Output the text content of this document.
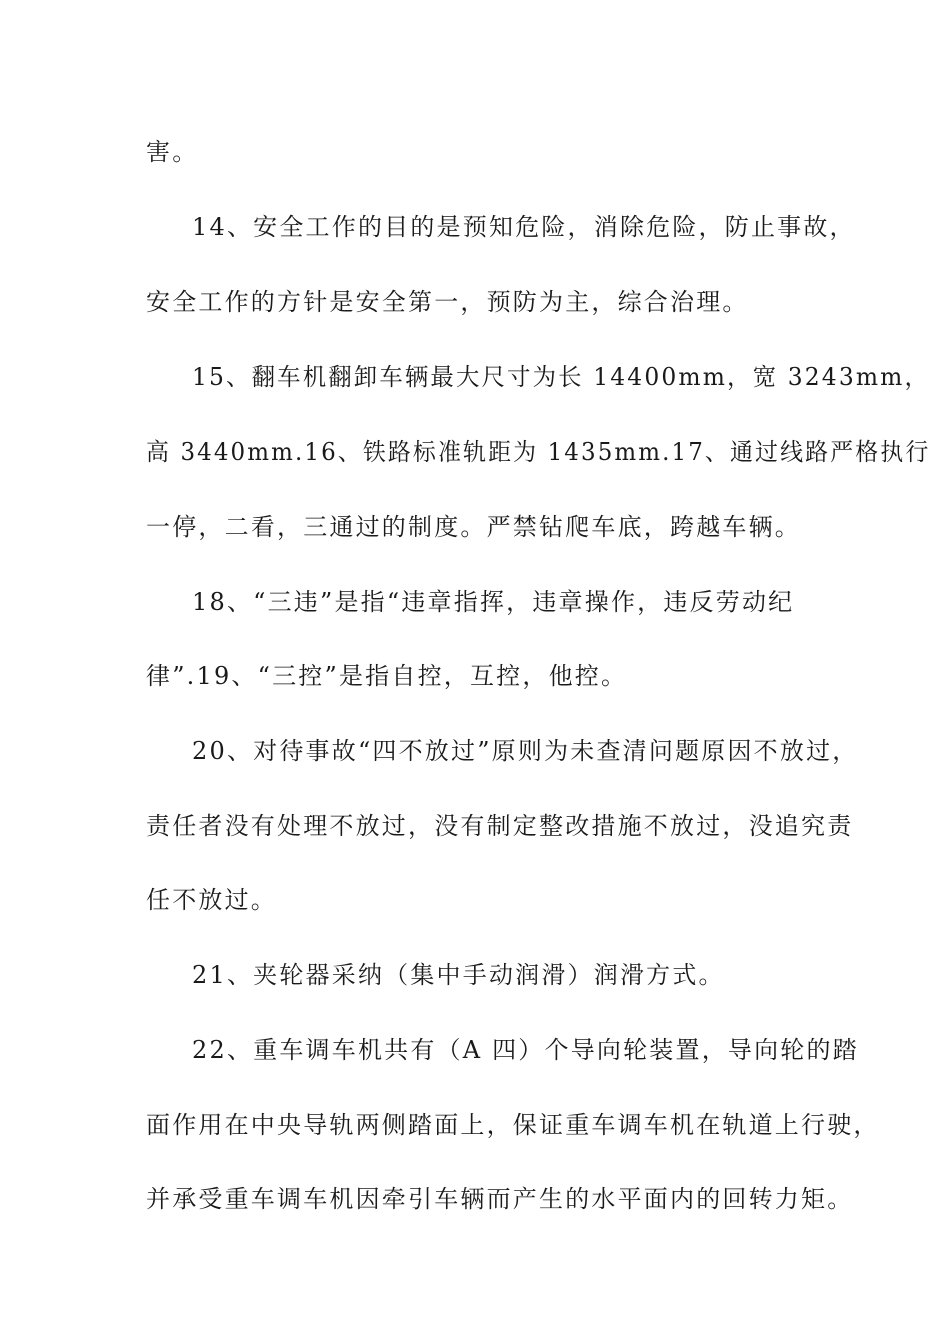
害。
14、安全工作的目的是预知危险，消除危险，防止事故，
安全工作的方针是安全第一，预防为主，综合治理。
15、翻车机翻卸车辆最大尺寸为长 14400mm，宽 3243mm，
高 3440mm.16、铁路标准轨距为 1435mm.17、通过线路严格执行
一停，二看，三通过的制度。严禁钻爬车底，跨越车辆。
18、“三违”是指“违章指挥，违章操作，违反劳动纪
律”.19、“三控”是指自控，互控，他控。
20、对待事故“四不放过”原则为未查清问题原因不放过，
责任者没有处理不放过，没有制定整改措施不放过，没追究责
任不放过。
21、夹轮器采纳（集中手动润滑）润滑方式。
22、重车调车机共有（A 四）个导向轮装置，导向轮的踏
面作用在中央导轨两侧踏面上，保证重车调车机在轨道上行驶，
并承受重车调车机因牵引车辆而产生的水平面内的回转力矩。
